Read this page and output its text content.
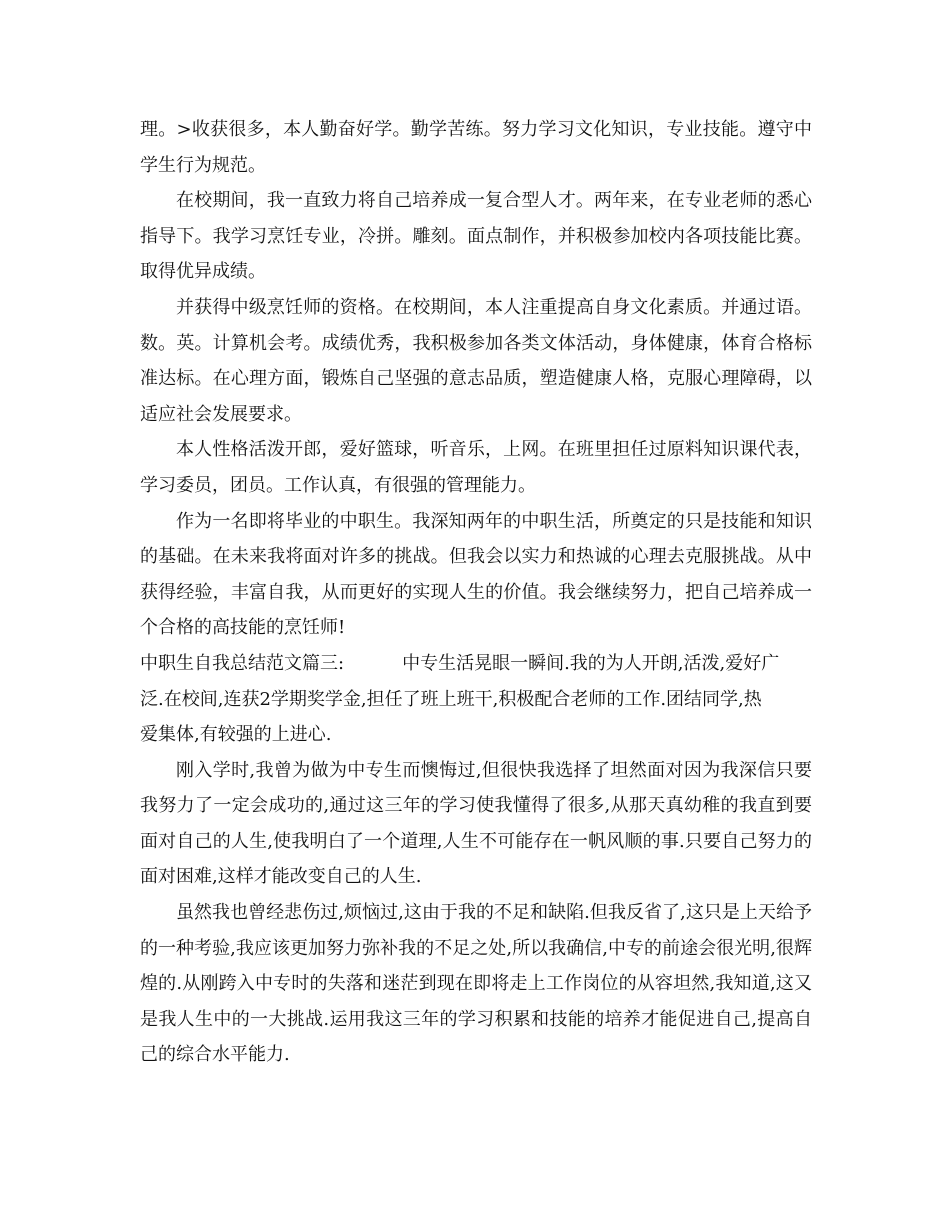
理。>收获很多，本人勤奋好学。勤学苦练。努力学习文化知识，专业技能。遵守中学生行为规范。

在校期间，我一直致力将自己培养成一复合型人才。两年来，在专业老师的悉心指导下。我学习烹饪专业，冷拼。雕刻。面点制作，并积极参加校内各项技能比赛。取得优异成绩。

并获得中级烹饪师的资格。在校期间，本人注重提高自身文化素质。并通过语。数。英。计算机会考。成绩优秀，我积极参加各类文体活动，身体健康，体育合格标准达标。在心理方面，锻炼自己坚强的意志品质，塑造健康人格，克服心理障碍，以适应社会发展要求。

本人性格活泼开郎，爱好篮球，听音乐，上网。在班里担任过原料知识课代表，学习委员，团员。工作认真，有很强的管理能力。

作为一名即将毕业的中职生。我深知两年的中职生活，所奠定的只是技能和知识的基础。在未来我将面对许多的挑战。但我会以实力和热诚的心理去克服挑战。从中获得经验，丰富自我，从而更好的实现人生的价值。我会继续努力，把自己培养成一个合格的高技能的烹饪师!

中职生自我总结范文篇三:	中专生活晃眼一瞬间.我的为人开朗,活泼,爱好广
泛.在校间,连获2学期奖学金,担任了班上班干,积极配合老师的工作.团结同学,热
爱集体,有较强的上进心.

刚入学时,我曾为做为中专生而懊悔过,但很快我选择了坦然面对因为我深信只要我努力了一定会成功的,通过这三年的学习使我懂得了很多,从那天真幼稚的我直到要面对自己的人生,使我明白了一个道理,人生不可能存在一帆风顺的事.只要自己努力的面对困难,这样才能改变自己的人生.

虽然我也曾经悲伤过,烦恼过,这由于我的不足和缺陷.但我反省了,这只是上天给予的一种考验,我应该更加努力弥补我的不足之处,所以我确信,中专的前途会很光明,很辉煌的.从刚跨入中专时的失落和迷茫到现在即将走上工作岗位的从容坦然,我知道,这又是我人生中的一大挑战.运用我这三年的学习积累和技能的培养才能促进自己,提高自己的综合水平能力.
